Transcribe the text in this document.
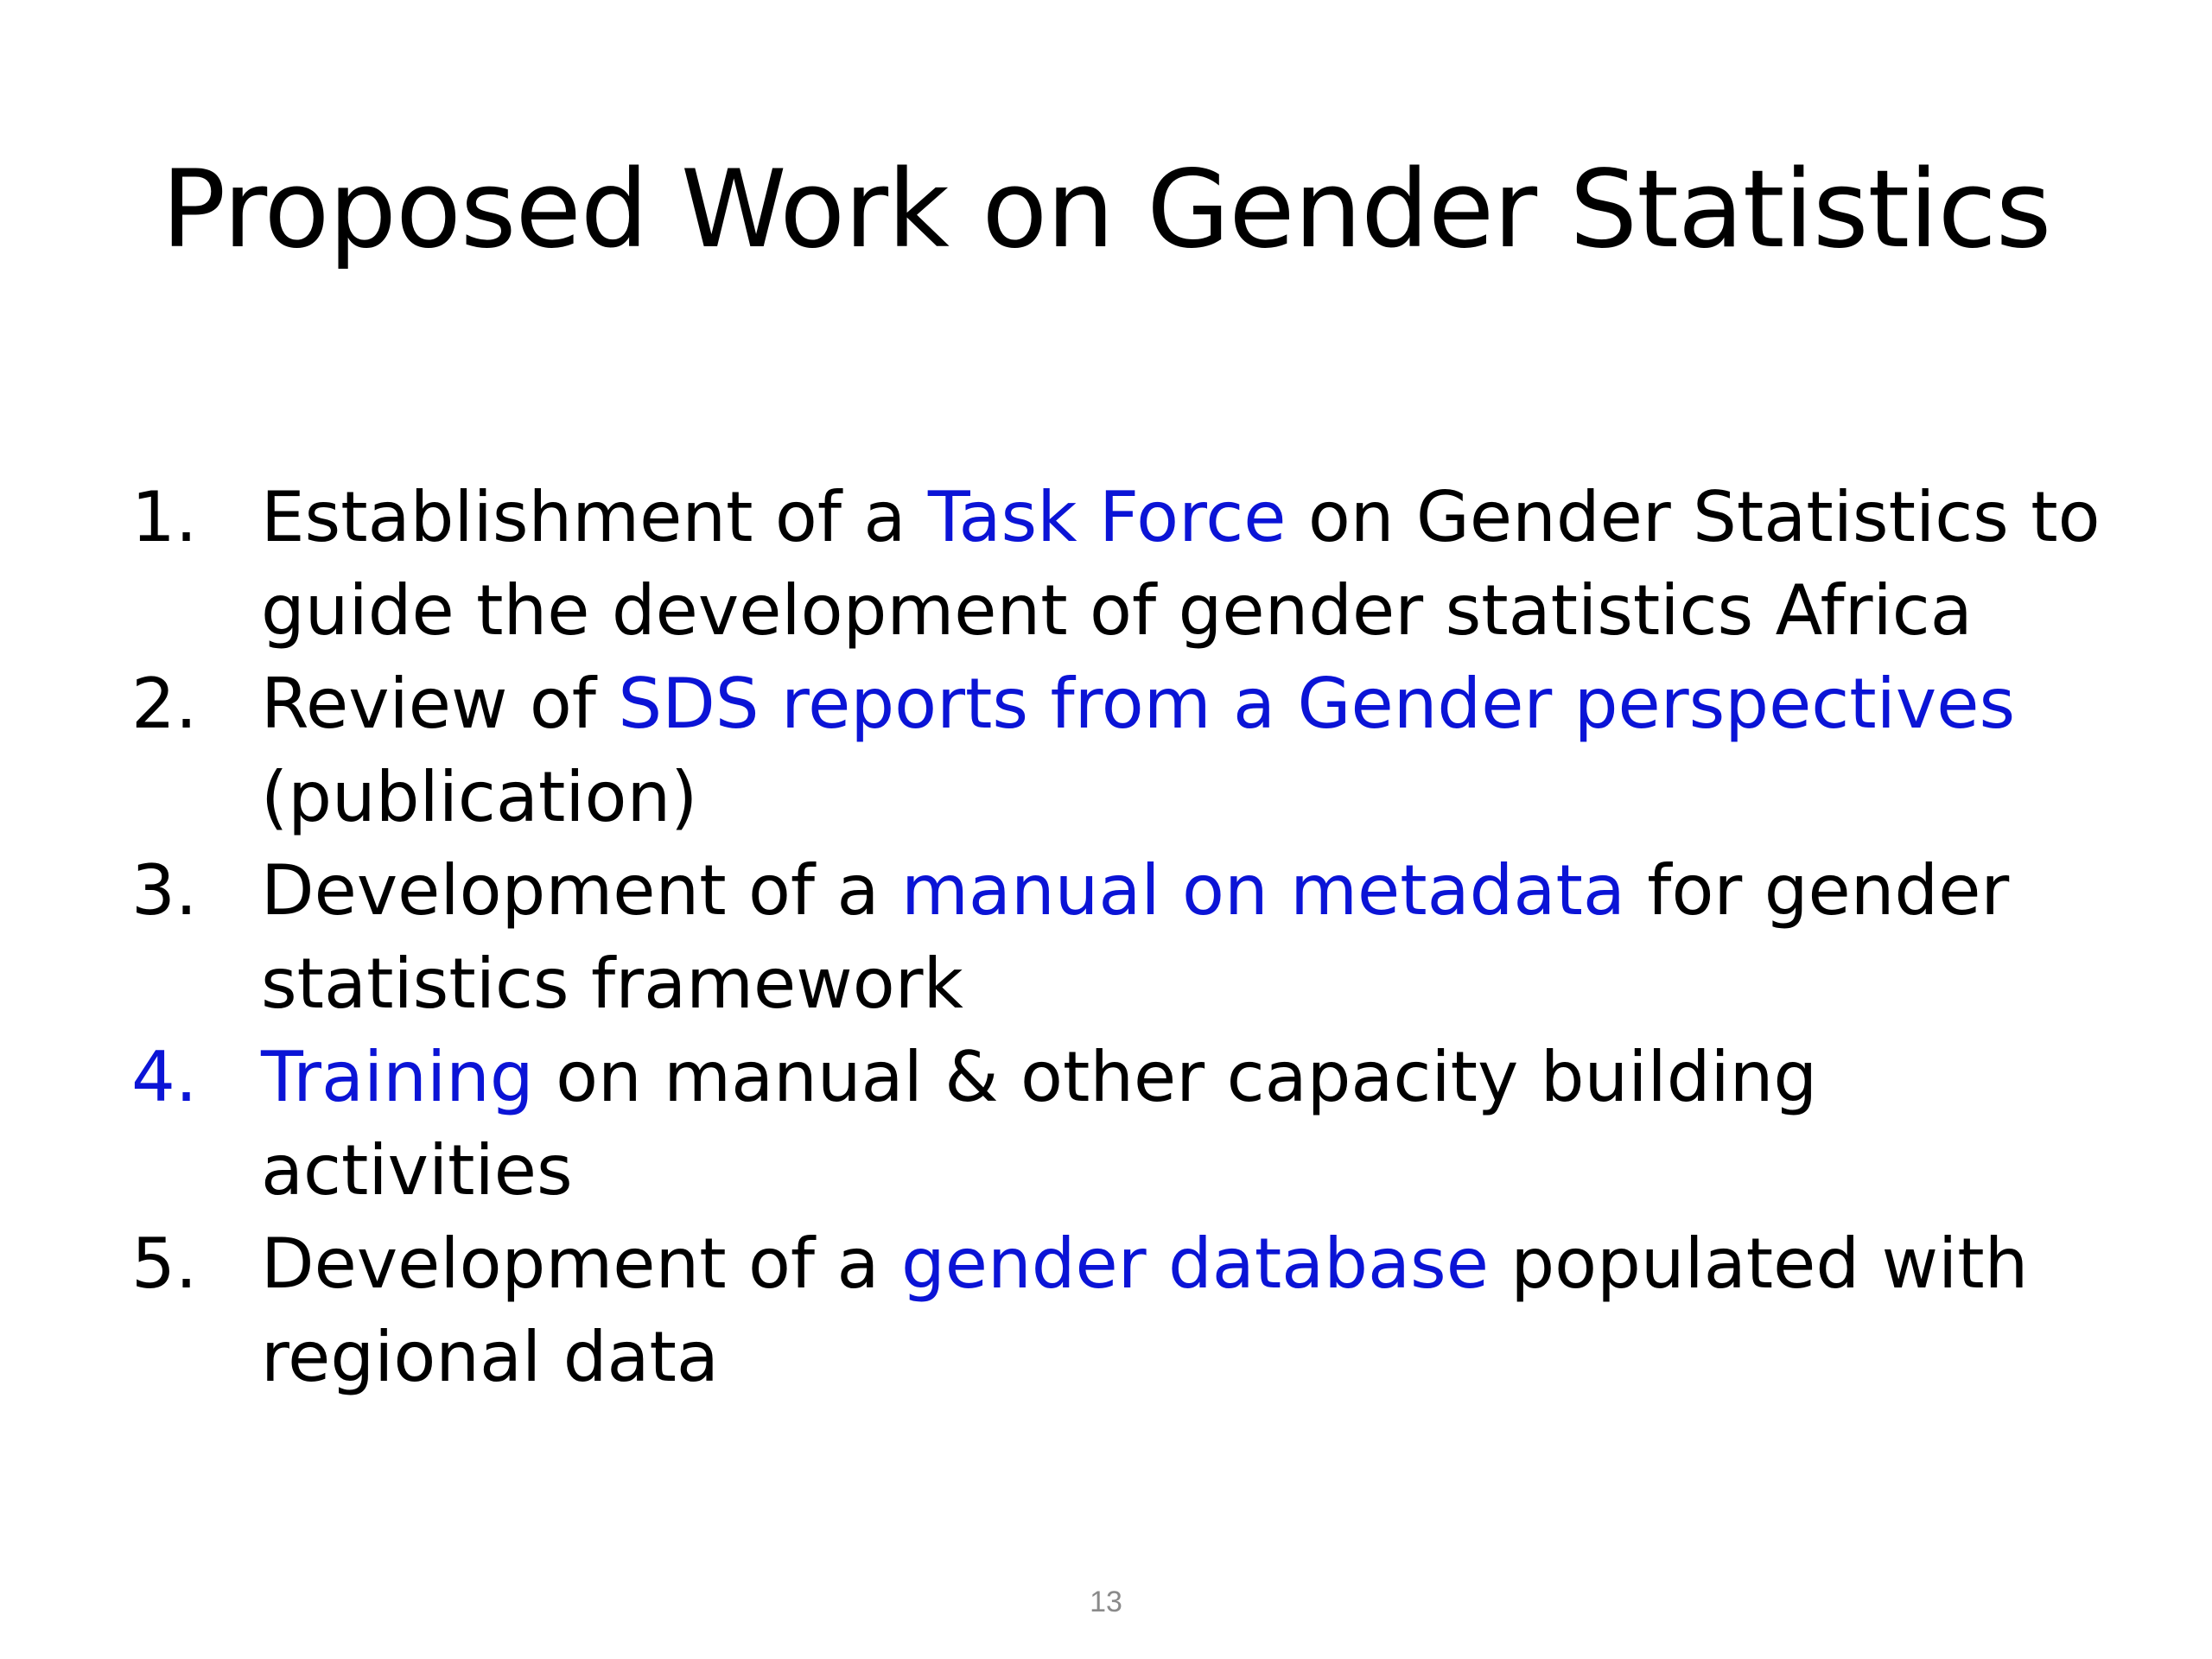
Proposed Work on Gender Statistics
1. Establishment of a Task Force on Gender Statistics to guide the development of gender statistics Africa
2. Review of SDS reports from a Gender perspectives (publication)
3. Development of a manual on metadata for gender statistics framework
4. Training on manual & other capacity building activities
5. Development of a gender database populated with regional data
13
